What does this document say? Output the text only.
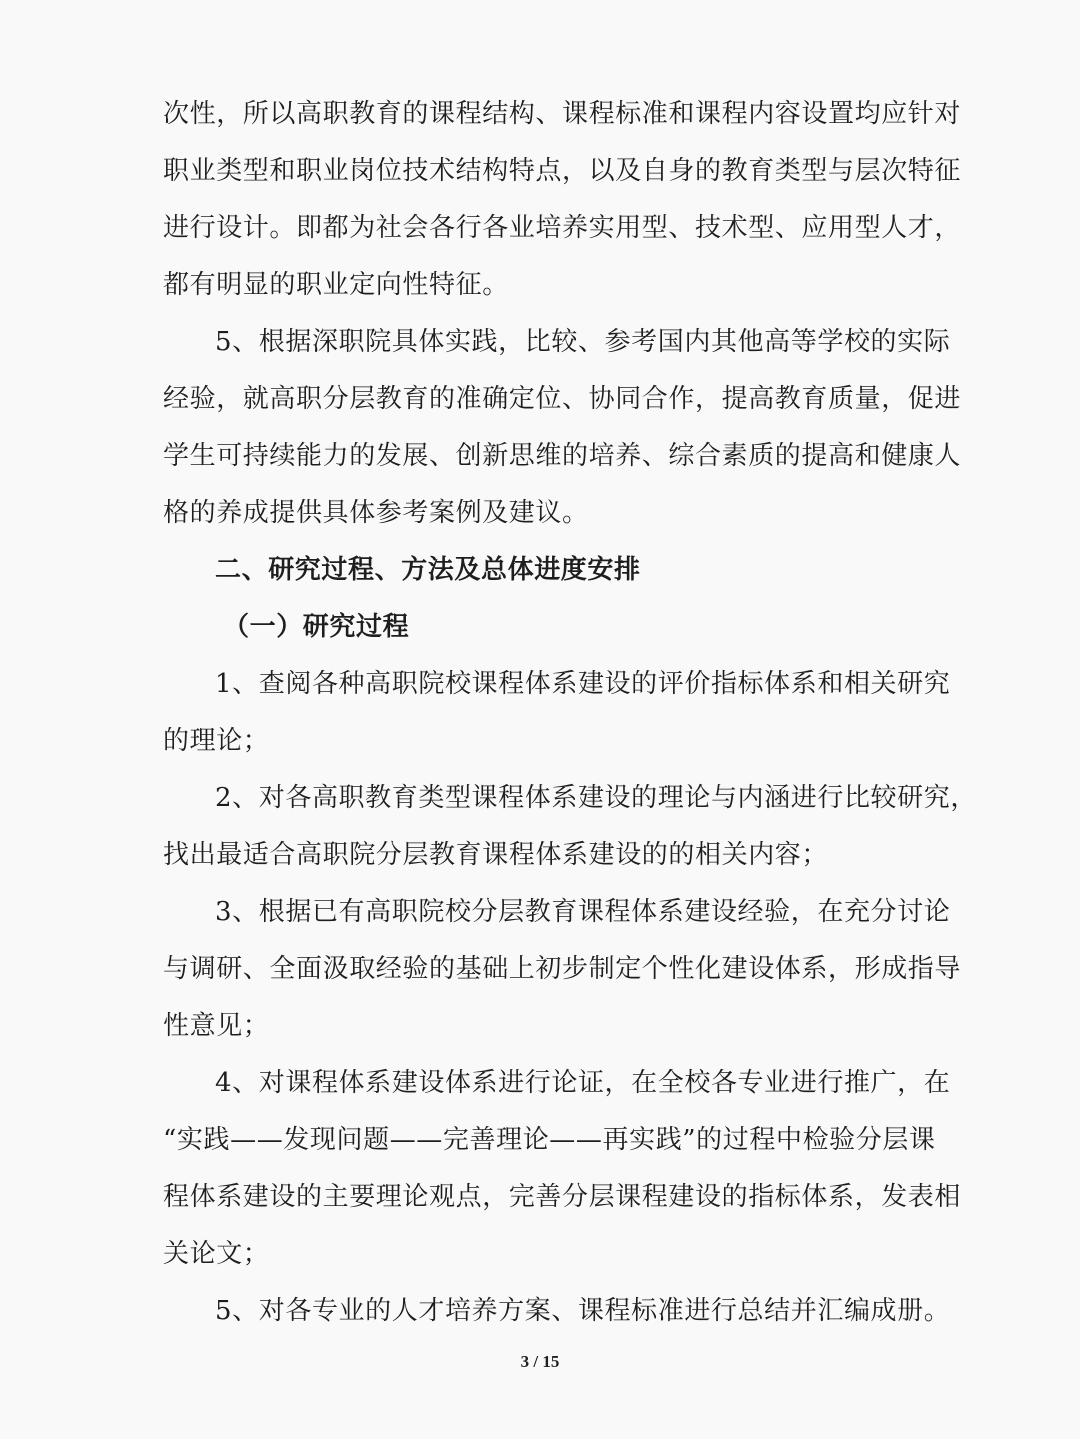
次性，所以高职教育的课程结构、课程标准和课程内容设置均应针对
职业类型和职业岗位技术结构特点，以及自身的教育类型与层次特征
进行设计。即都为社会各行各业培养实用型、技术型、应用型人才，
都有明显的职业定向性特征。
5、根据深职院具体实践，比较、参考国内其他高等学校的实际
经验，就高职分层教育的准确定位、协同合作，提高教育质量，促进
学生可持续能力的发展、创新思维的培养、综合素质的提高和健康人
格的养成提供具体参考案例及建议。
二、研究过程、方法及总体进度安排
（一）研究过程
1、查阅各种高职院校课程体系建设的评价指标体系和相关研究
的理论；
2、对各高职教育类型课程体系建设的理论与内涵进行比较研究，
找出最适合高职院分层教育课程体系建设的的相关内容；
3、根据已有高职院校分层教育课程体系建设经验，在充分讨论
与调研、全面汲取经验的基础上初步制定个性化建设体系，形成指导
性意见；
4、对课程体系建设体系进行论证，在全校各专业进行推广，在
“实践——发现问题——完善理论——再实践”的过程中检验分层课
程体系建设的主要理论观点，完善分层课程建设的指标体系，发表相
关论文；
5、对各专业的人才培养方案、课程标准进行总结并汇编成册。
3 / 15
